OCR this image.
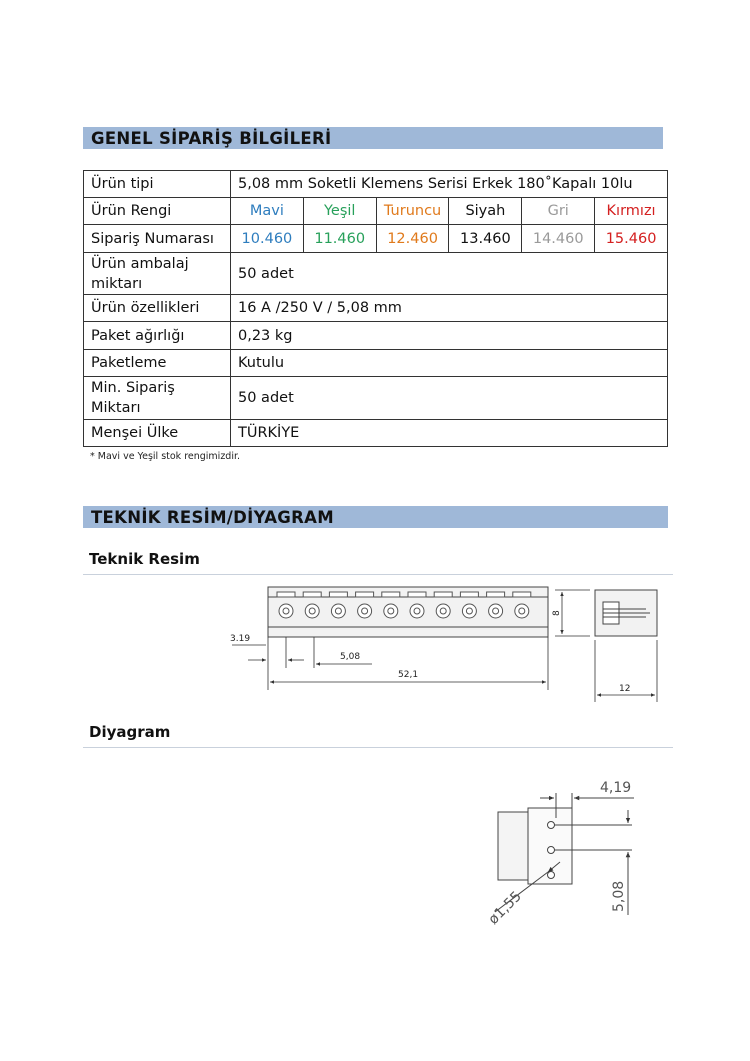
GENEL SİPARİŞ BİLGİLERİ
Ürün tipi	5,08 mm Soketli Klemens Serisi Erkek 180˚Kapalı 10lu					
Ürün Rengi	Mavi	Yeşil	Turuncu	Siyah	Gri	Kırmızı
Sipariş Numarası	10.460	11.460	12.460	13.460	14.460	15.460

Ürün ambalaj
miktarı	50 adet					
Ürün özellikleri	16 A /250 V / 5,08 mm					
Paket ağırlığı	0,23 kg					
Paketleme	Kutulu					

Min. Sipariş
Miktarı	50 adet					
Menşei Ülke	TÜRKİYE					
* Mavi ve Yeşil stok rengimizdir.
TEKNİK RESİM/DİYAGRAM
Teknik Resim
3.19
5,08
52,1
8
12
Diyagram
4,19
5,08
ø1,55
